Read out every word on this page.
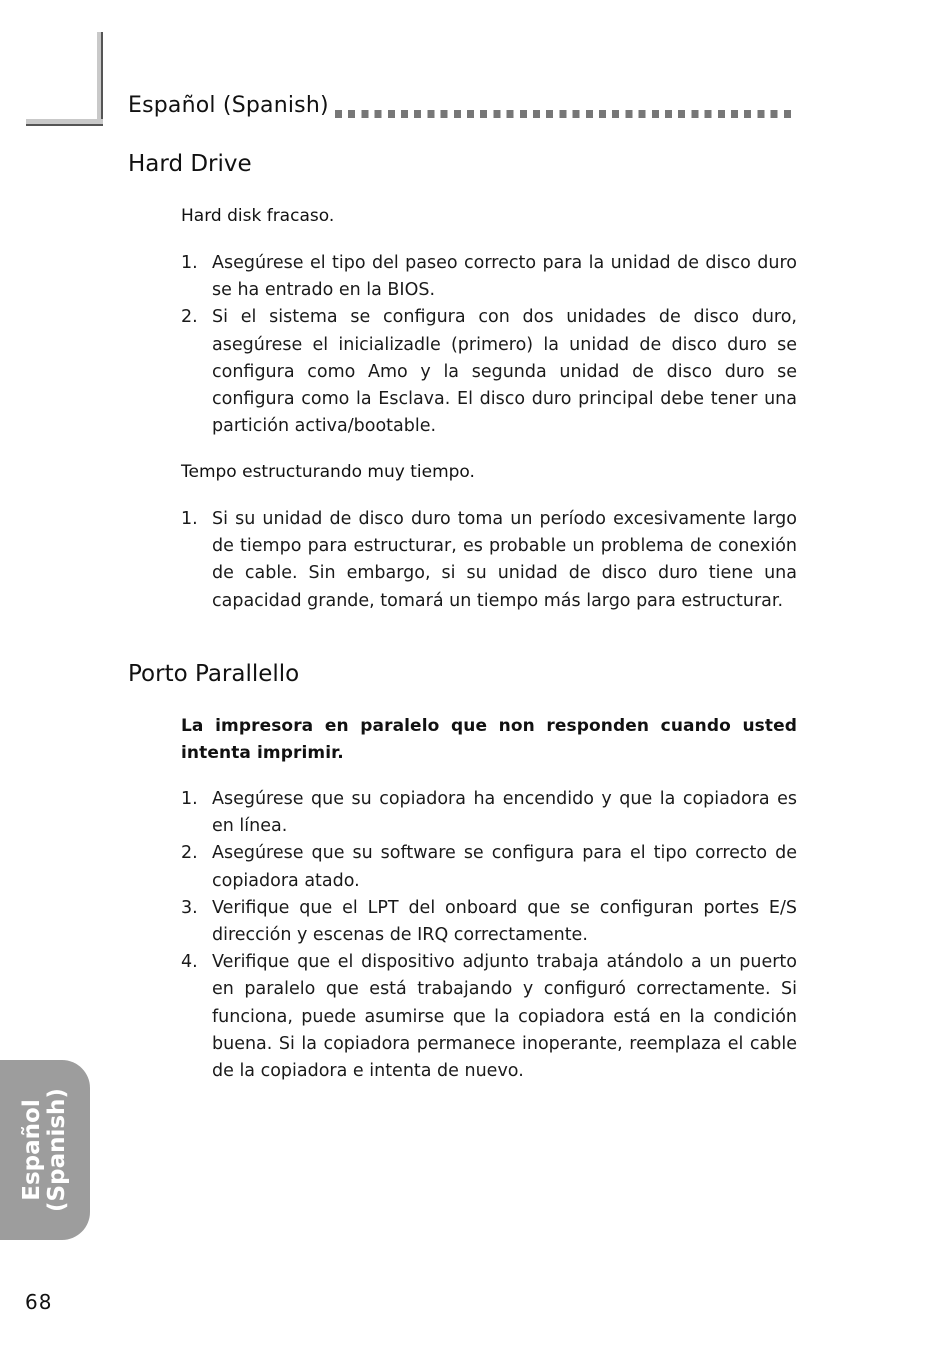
Español (Spanish)
Hard Drive
Hard disk fracaso.
1. Asegúrese el tipo del paseo correcto para la unidad de disco duro se ha entrado en la BIOS.
2. Si el sistema se configura con dos unidades de disco duro, asegúrese el inicializadle (primero) la unidad de disco duro se configura como Amo y la segunda unidad de disco duro se configura como la Esclava. El disco duro principal debe tener una partición activa/bootable.
Tempo estructurando muy tiempo.
1. Si su unidad de disco duro toma un período excesivamente largo de tiempo para estructurar, es probable un problema de conexión de cable. Sin embargo, si su unidad de disco duro tiene una capacidad grande, tomará un tiempo más largo para estructurar.
Porto Parallello
La impresora en paralelo que non responden cuando usted intenta imprimir.
1. Asegúrese que su copiadora ha encendido y que la copiadora es en línea.
2. Asegúrese que su software se configura para el tipo correcto de copiadora atado.
3. Verifique que el LPT del onboard que se configuran portes E/S dirección y escenas de IRQ correctamente.
4. Verifique que el dispositivo adjunto trabaja atándolo a un puerto en paralelo que está trabajando y configuró correctamente. Si funciona, puede asumirse que la copiadora está en la condición buena. Si la copiadora permanece inoperante, reemplaza el cable de la copiadora e intenta de nuevo.
Español (Spanish)
68
